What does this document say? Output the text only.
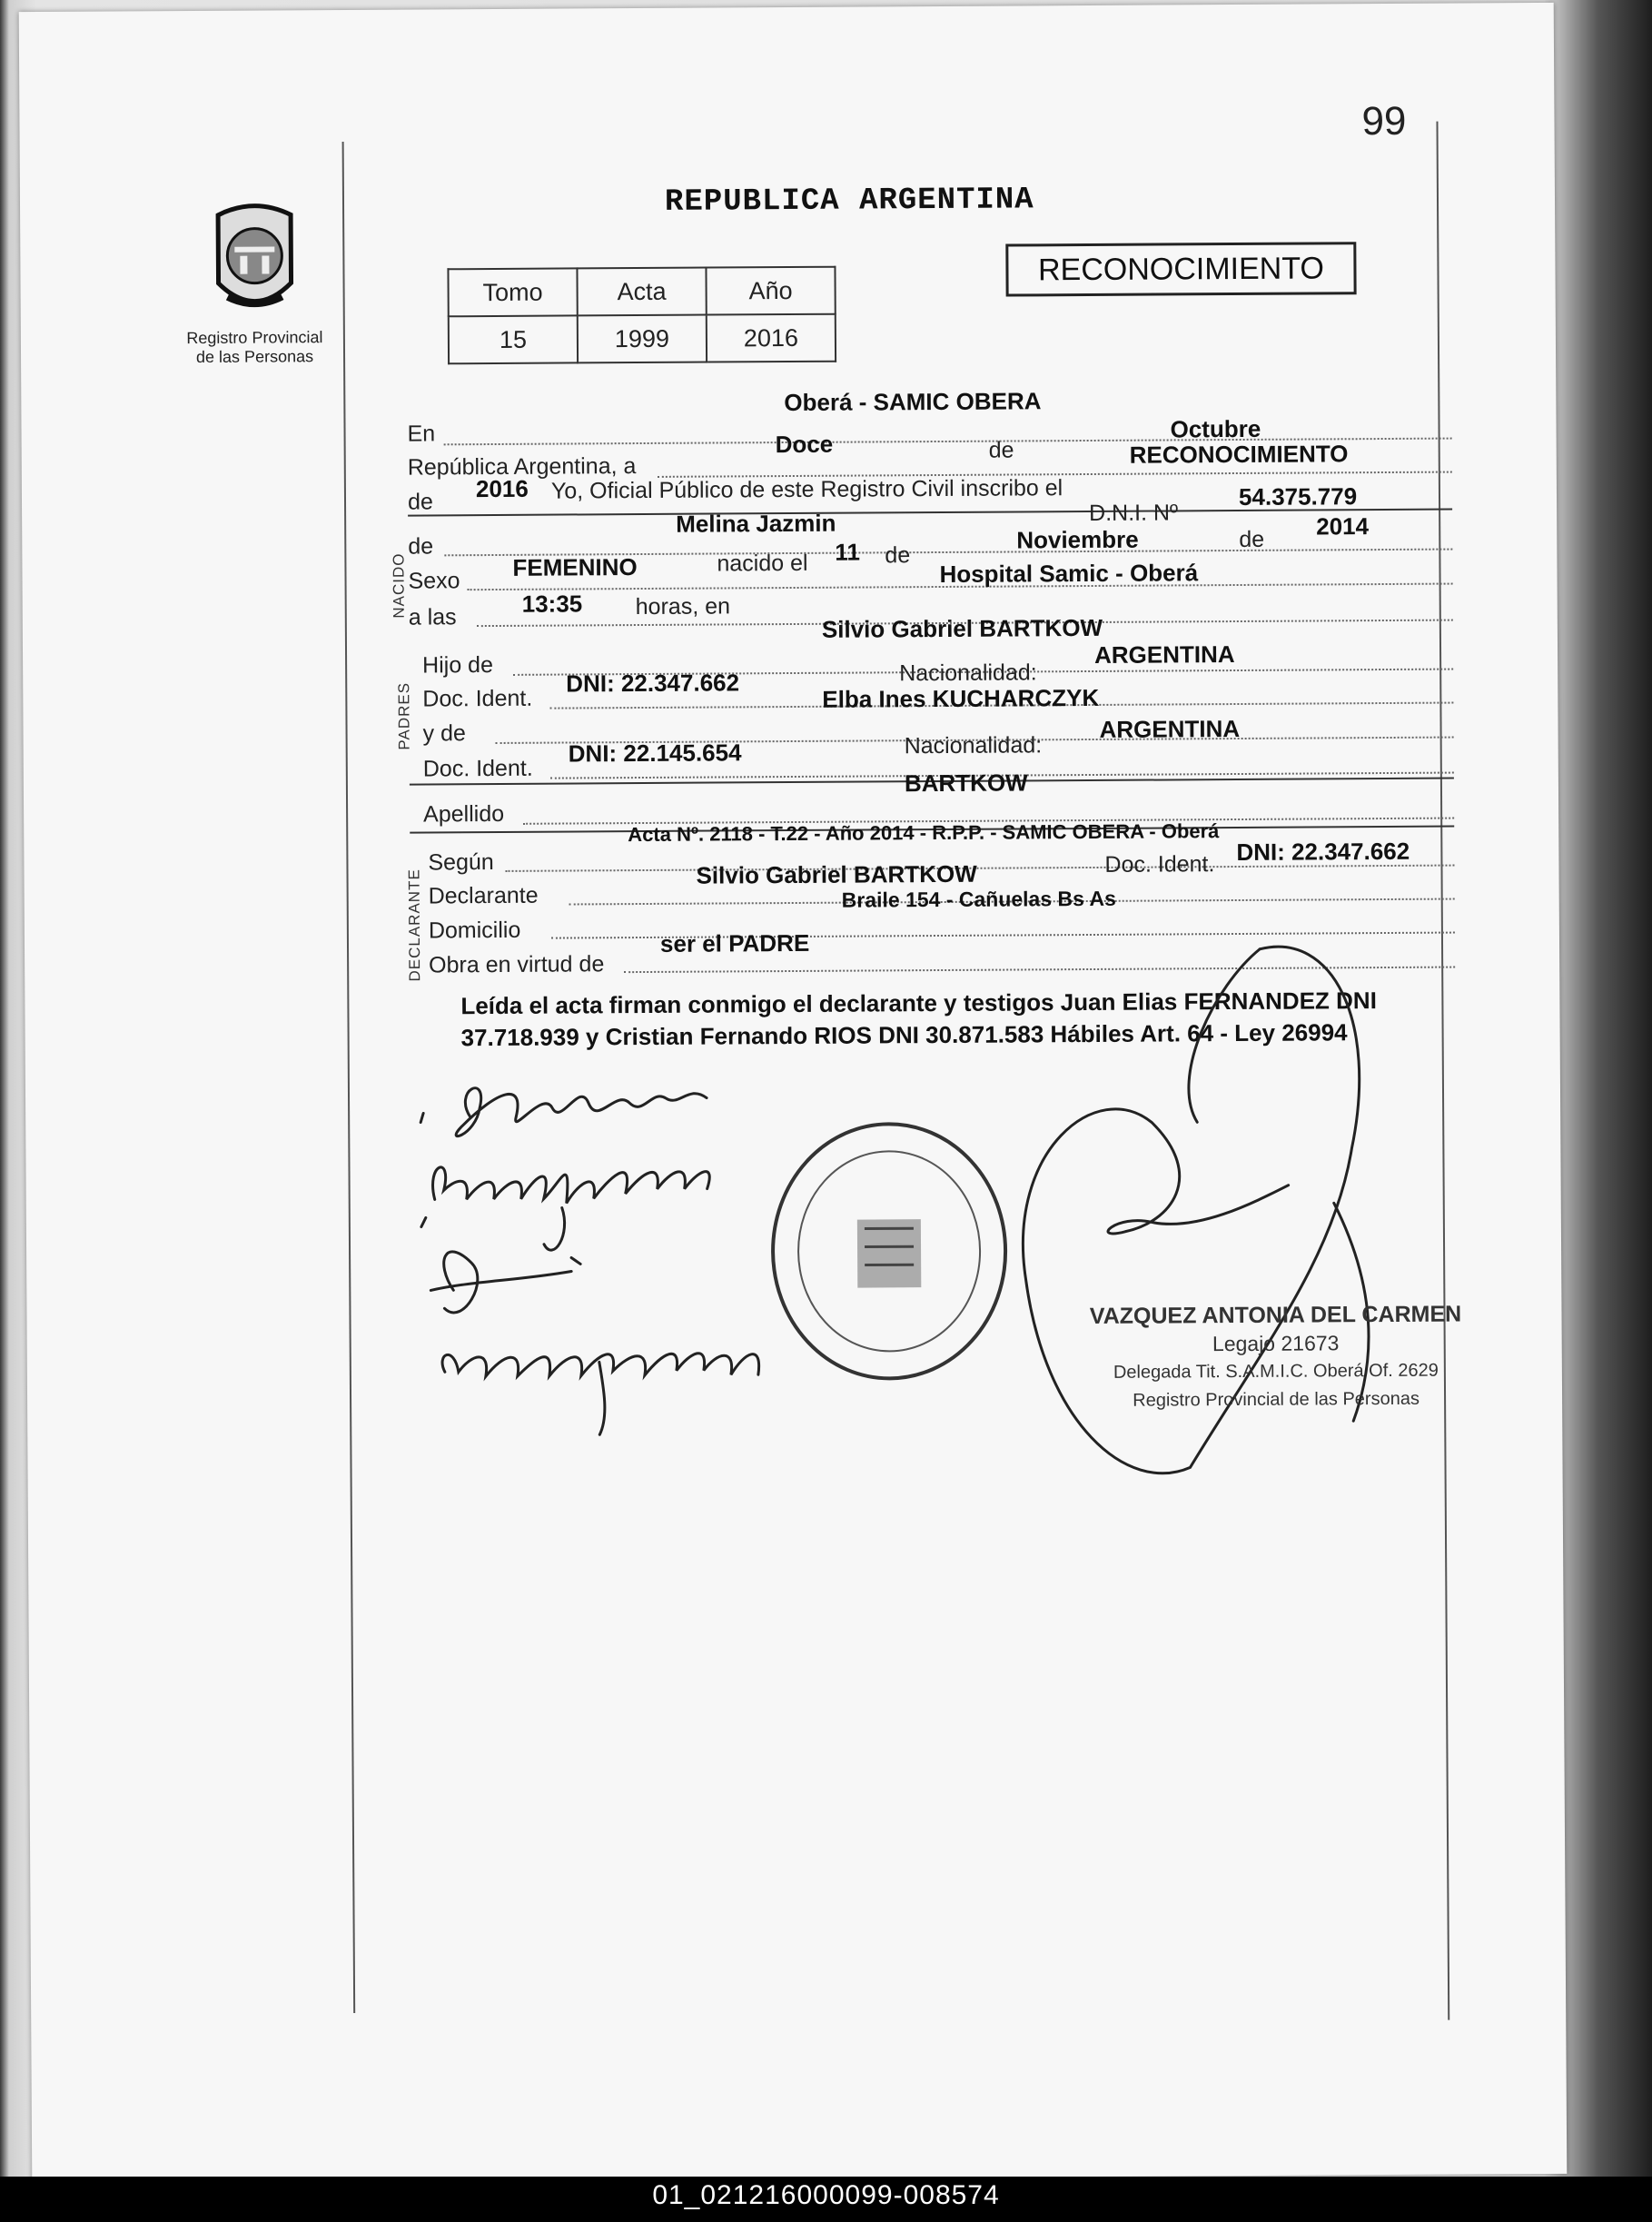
99
Registro Provincial
de las Personas
REPUBLICA ARGENTINA
Tomo	Acta	Año
15	1999	2016
RECONOCIMIENTO
NACIDO
PADRES
DECLARANTE
En
Oberá - SAMIC OBERA
República Argentina, a
Doce	de
Octubre
de 2016 Yo, Oficial Público de este Registro Civil inscribo el
RECONOCIMIENTO
de
Melina Jazmin	D.N.I. Nº
54.375.779
Sexo FEMENINO	nacido el 11 de
Noviembre	de 2014
a las	13:35 horas, en
Hospital Samic - Oberá
Hijo de
Silvio Gabriel BARTKOW
Doc. Ident.
DNI: 22.347.662	Nacionalidad:
ARGENTINA
y de
Elba Ines KUCHARCZYK
Doc. Ident.
DNI: 22.145.654	Nacionalidad:
ARGENTINA
Apellido
BARTKOW
Según
Acta Nº. 2118 - T.22 - Año 2014 - R.P.P. - SAMIC OBERA - Oberá
Declarante
Silvio Gabriel BARTKOW	Doc. Ident. DNI: 22.347.662
Domicilio
Braile 154 - Cañuelas Bs As
Obra en virtud de
ser el PADRE
Leída el acta firman conmigo el declarante y testigos Juan Elias FERNANDEZ DNI 37.718.939 y Cristian Fernando RIOS DNI 30.871.583 Hábiles Art. 64 - Ley 26994
VAZQUEZ ANTONIA DEL CARMEN
Legajo 21673
Delegada Tit. S.A.M.I.C. Oberá Of. 2629
Registro Provincial de las Personas
01_021216000099-008574
